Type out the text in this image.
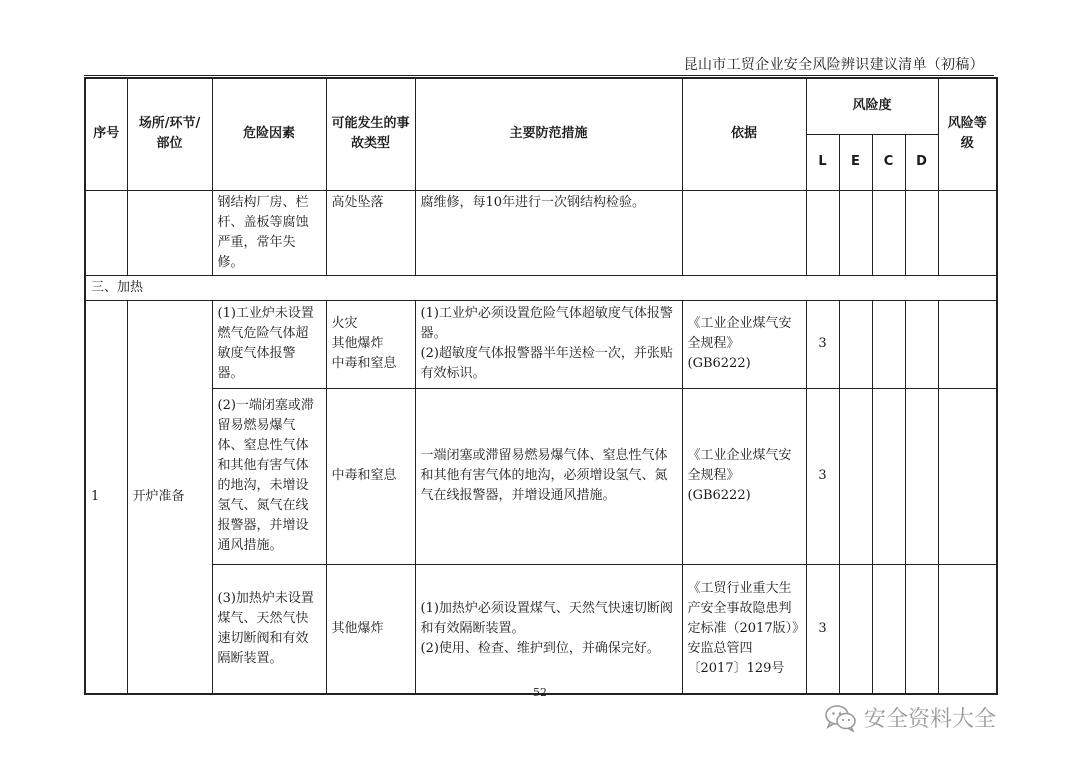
昆山市工贸企业安全风险辨识建议清单（初稿）
序号	场所/环节/部位	危险因素	可能发生的事故类型	主要防范措施	依据	风险度				风险等级
						L	E	C	D	
		钢结构厂房、栏杆、盖板等腐蚀严重，常年失修。	高处坠落	腐维修，每10年进行一次钢结构检验。						
三、加热										
1	开炉准备	(1)工业炉未设置燃气危险气体超敏度气体报警器。	火灾
其他爆炸
中毒和窒息	(1)工业炉必须设置危险气体超敏度气体报警器。
(2)超敏度气体报警器半年送检一次，并张贴有效标识。	《工业企业煤气安全规程》(GB6222)	3				
		(2)一端闭塞或滞留易燃易爆气体、窒息性气体和其他有害气体的地沟，未增设氢气、氮气在线报警器，并增设通风措施。	中毒和窒息	一端闭塞或滞留易燃易爆气体、窒息性气体和其他有害气体的地沟，必须增设氢气、氮气在线报警器，并增设通风措施。	《工业企业煤气安全规程》(GB6222)	3				
		(3)加热炉未设置煤气、天然气快速切断阀和有效隔断装置。	其他爆炸	(1)加热炉必须设置煤气、天然气快速切断阀和有效隔断装置。
(2)使用、检查、维护到位，并确保完好。	《工贸行业重大生产安全事故隐患判定标准（2017版）》安监总管四〔2017〕129号	3				
52
安全资料大全
